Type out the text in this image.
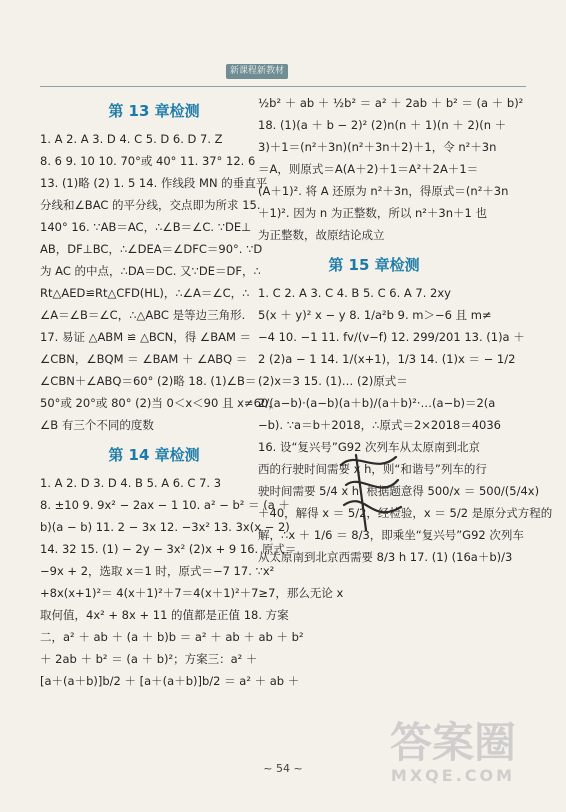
新课程新教材
第 13 章检测
1. A 2. A 3. D 4. C 5. D 6. D 7. Z
8. 6 9. 10 10. 70°或 40° 11. 37° 12. 6
13. (1)略 (2) 1. 5 14. 作线段 MN 的垂直平
分线和∠BAC 的平分线，交点即为所求 15.
140° 16. ∵AB＝AC，∴∠B＝∠C. ∵DE⊥
AB，DF⊥BC，∴∠DEA＝∠DFC＝90°. ∵D
为 AC 的中点，∴DA＝DC. 又∵DE＝DF，∴
Rt△AED≌Rt△CFD(HL)，∴∠A＝∠C，∴
∠A＝∠B＝∠C，∴△ABC 是等边三角形.
17. 易证 △ABM ≌ △BCN，得 ∠BAM ＝
∠CBN，∠BQM ＝ ∠BAM ＋ ∠ABQ ＝
∠CBN＋∠ABQ＝60° (2)略 18. (1)∠B＝
50°或 20°或 80° (2)当 0＜x＜90 且 x≠60，
∠B 有三个不同的度数
第 14 章检测
1. A 2. D 3. D 4. B 5. A 6. C 7. 3
8. ±10 9. 9x² − 2ax − 1 10. a² − b² ＝ (a ＋
b)(a − b) 11. 2 − 3x 12. −3x² 13. 3x(x − 2)
14. 32 15. (1) − 2y − 3x² (2)x + 9 16. 原式＝
−9x + 2，选取 x＝1 时，原式＝−7 17. ∵x²
+8x(x+1)²＝ 4(x＋1)²＋7＝4(x＋1)²＋7≥7，那么无论 x
取何值，4x² + 8x + 11 的值都是正值 18. 方案
二，a² ＋ ab ＋ (a ＋ b)b ＝ a² ＋ ab ＋ ab ＋ b²
＋ 2ab ＋ b² ＝ (a ＋ b)²；方案三：a² ＋
[a＋(a＋b)]b/2 ＋ [a＋(a＋b)]b/2 ＝ a² ＋ ab ＋
½b² ＋ ab ＋ ½b² ＝ a² ＋ 2ab ＋ b² ＝ (a ＋ b)²
18. (1)(a ＋ b − 2)² (2)n(n ＋ 1)(n ＋ 2)(n ＋
3)＋1＝(n²＋3n)(n²＋3n＋2)＋1，令 n²＋3n
＝A，则原式＝A(A＋2)＋1＝A²＋2A＋1＝
(A＋1)². 将 A 还原为 n²＋3n，得原式＝(n²＋3n
＋1)². 因为 n 为正整数，所以 n²＋3n＋1 也
为正整数，故原结论成立
第 15 章检测
1. C 2. A 3. C 4. B 5. C 6. A 7. 2xy
5(x ＋ y)² x − y 8. 1/a²b 9. m＞−6 且 m≠
−4 10. −1 11. fv/(v−f) 12. 299/201 13. (1)a ＋
2 (2)a − 1 14. 1/(x+1)，1/3 14. (1)x ＝ − 1/2
(2)x＝3 15. (1)… (2)原式＝
2/(a−b)·(a−b)(a＋b)/(a＋b)²·…(a−b)＝2(a
−b). ∵a＝b＋2018，∴原式＝2×2018＝4036
16. 设“复兴号”G92 次列车从太原南到北京
西的行驶时间需要 x h，则“和谐号”列车的行
驶时间需要 5/4 x h. 根据题意得 500/x ＝ 500/(5/4x)
＋40，解得 x ＝ 5/2，经检验，x ＝ 5/2 是原分式方程的
解，∴x ＋ 1/6 ＝ 8/3，即乘坐“复兴号”G92 次列车
从太原南到北京西需要 8/3 h 17. (1) (16a＋b)/3
~ 54 ~
答案圈
MXQE.COM
